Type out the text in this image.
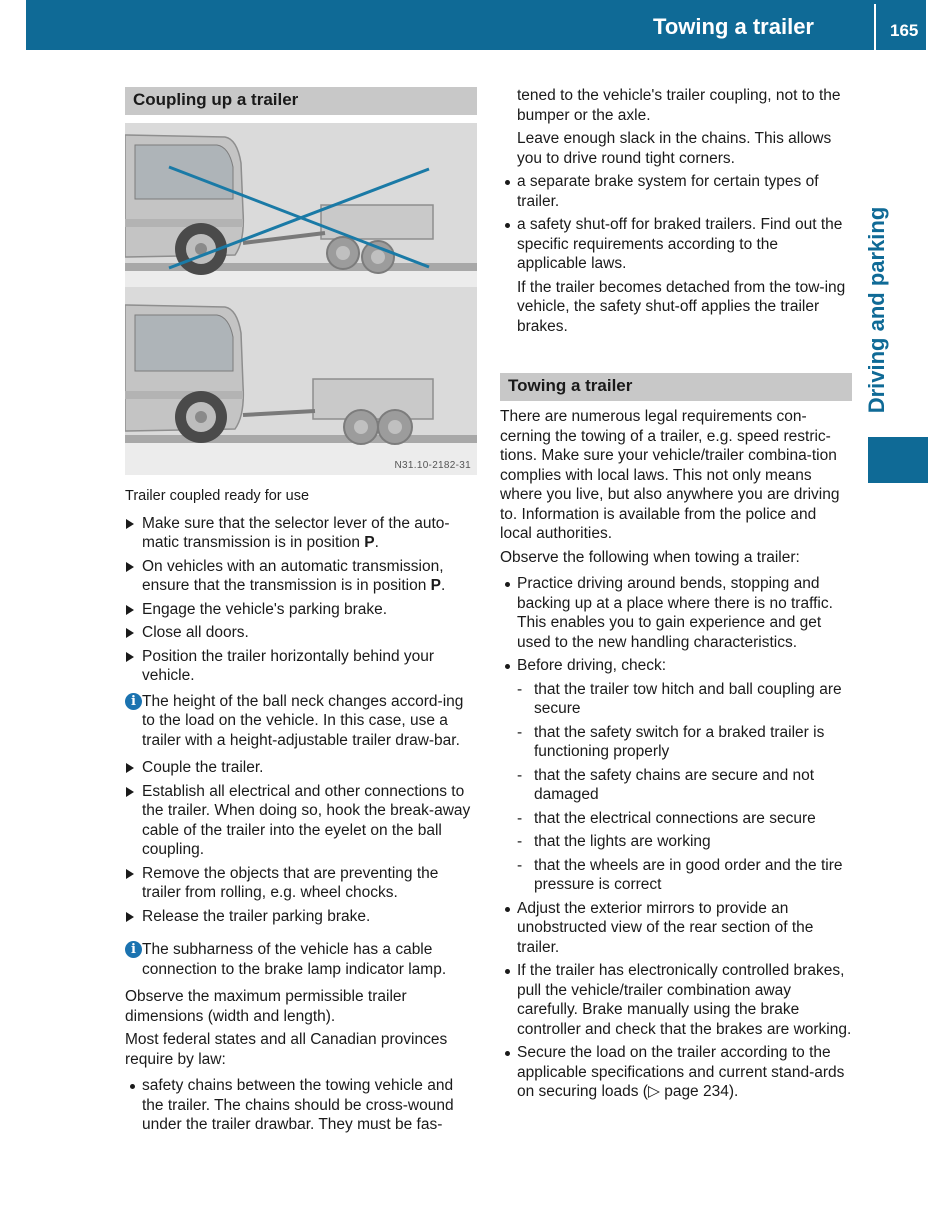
Towing a trailer	165
Driving and parking
Coupling up a trailer
N31.10-2182-31

Trailer coupled ready for use

Make sure that the selector lever of the auto-matic transmission is in position P.
On vehicles with an automatic transmission, ensure that the transmission is in position P.
Engage the vehicle's parking brake.
Close all doors.
Position the trailer horizontally behind your vehicle.
i The height of the ball neck changes accord-ing to the load on the vehicle. In this case, use a trailer with a height-adjustable trailer draw-bar.
Couple the trailer.
Establish all electrical and other connections to the trailer. When doing so, hook the break-away cable of the trailer into the eyelet on the ball coupling.
Remove the objects that are preventing the trailer from rolling, e.g. wheel chocks.
Release the trailer parking brake.
i The subharness of the vehicle has a cable connection to the brake lamp indicator lamp.

Observe the maximum permissible trailer dimensions (width and length).

Most federal states and all Canadian provinces require by law:

safety chains between the towing vehicle and the trailer. The chains should be cross-wound under the trailer drawbar. They must be fas-

tened to the vehicle's trailer coupling, not to the bumper or the axle.

Leave enough slack in the chains. This allows you to drive round tight corners.

a separate brake system for certain types of trailer.
a safety shut-off for braked trailers. Find out the specific requirements according to the applicable laws.

If the trailer becomes detached from the tow-ing vehicle, the safety shut-off applies the trailer brakes.

Towing a trailer

There are numerous legal requirements con-cerning the towing of a trailer, e.g. speed restric-tions. Make sure your vehicle/trailer combina-tion complies with local laws. This not only means where you live, but also anywhere you are driving to. Information is available from the police and local authorities.

Observe the following when towing a trailer:

Practice driving around bends, stopping and backing up at a place where there is no traffic. This enables you to gain experience and get used to the new handling characteristics.
Before driving, check:
- that the trailer tow hitch and ball coupling are secure
- that the safety switch for a braked trailer is functioning properly
- that the safety chains are secure and not damaged
- that the electrical connections are secure
- that the lights are working
- that the wheels are in good order and the tire pressure is correct
Adjust the exterior mirrors to provide an unobstructed view of the rear section of the trailer.
If the trailer has electronically controlled brakes, pull the vehicle/trailer combination away carefully. Brake manually using the brake controller and check that the brakes are working.
Secure the load on the trailer according to the applicable specifications and current stand-ards on securing loads (▷ page 234).
